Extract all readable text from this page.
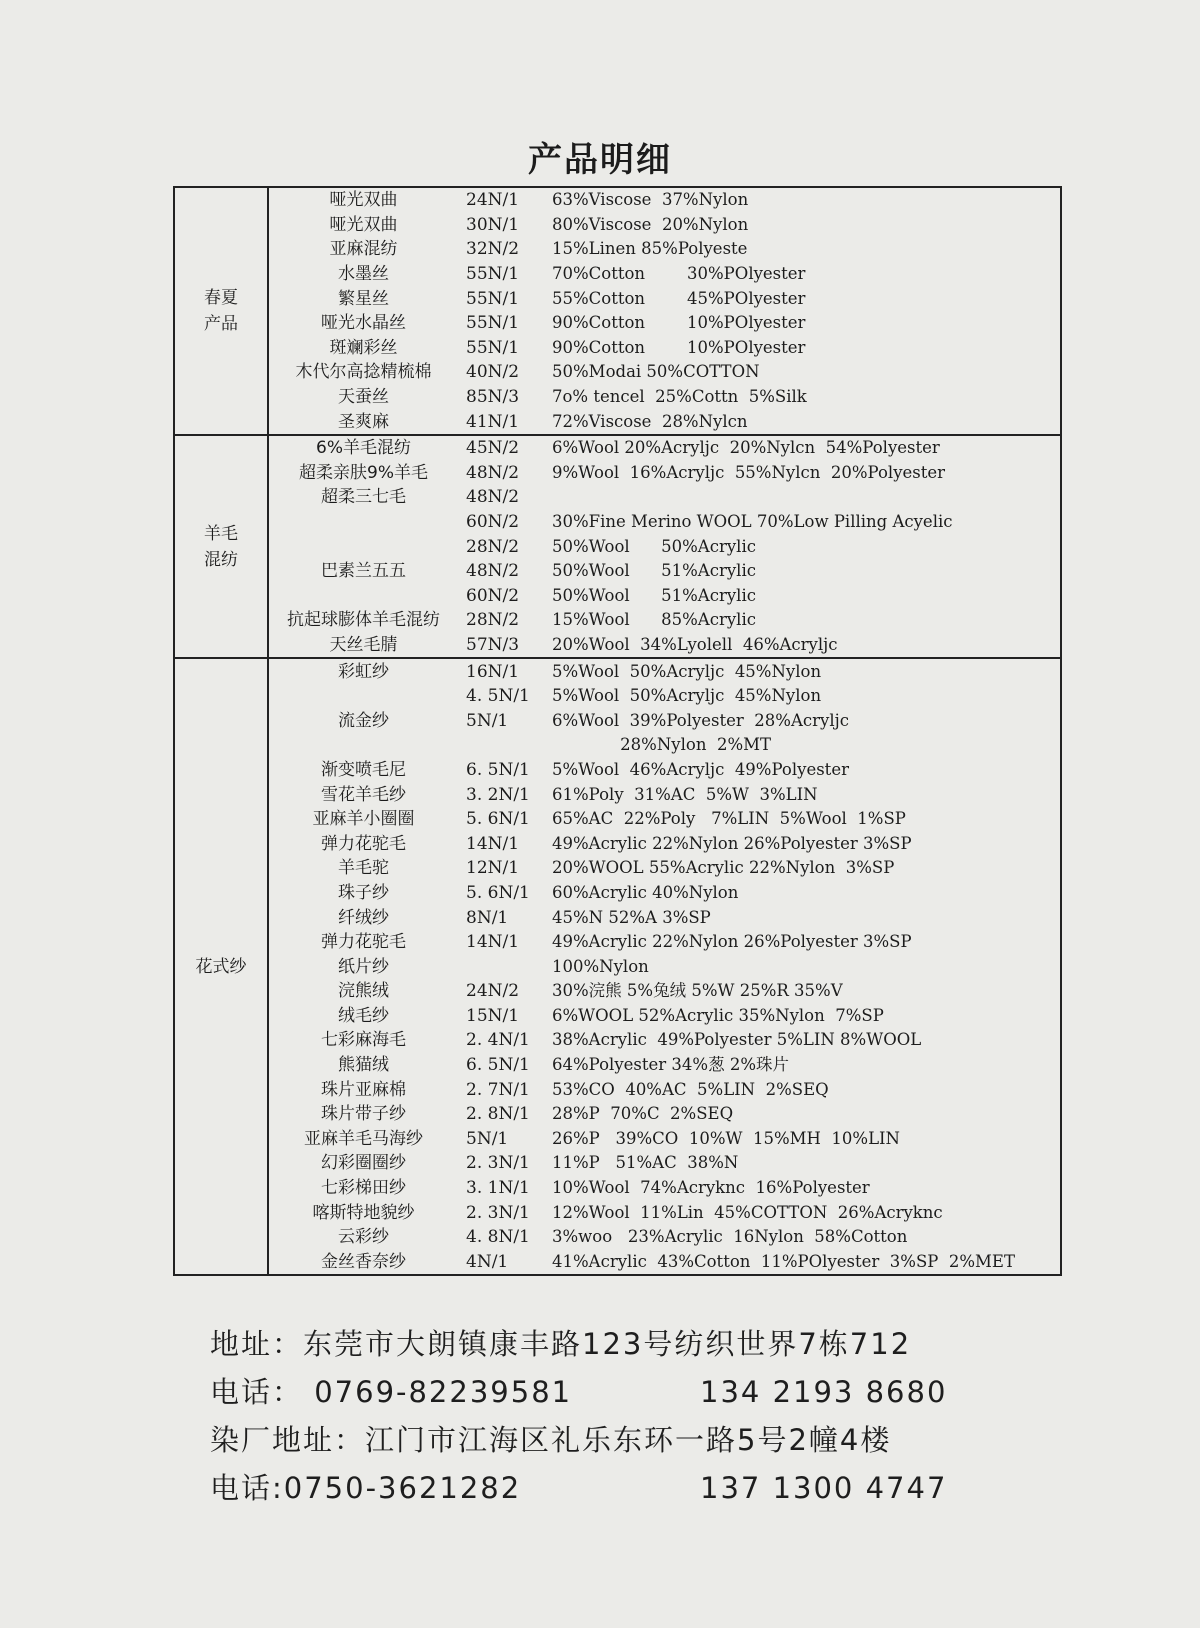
产品明细
春夏
产品	哑光双曲	24N/1	63%Viscose  37%Nylon
	哑光双曲	30N/1	80%Viscose  20%Nylon
	亚麻混纺	32N/2	15%Linen 85%Polyeste
	水墨丝	55N/1	70%Cotton        30%POlyester
	繁星丝	55N/1	55%Cotton        45%POlyester
	哑光水晶丝	55N/1	90%Cotton        10%POlyester
	斑斓彩丝	55N/1	90%Cotton        10%POlyester
	木代尔高捻精梳棉	40N/2	50%Modai 50%COTTON
	天蚕丝	85N/3	7o% tencel  25%Cottn  5%Silk
	圣爽麻	41N/1	72%Viscose  28%Nylcn
羊毛
混纺	6%羊毛混纺	45N/2	6%Wool 20%Acryljc  20%Nylcn  54%Polyester
	超柔亲肤9%羊毛	48N/2	9%Wool  16%Acryljc  55%Nylcn  20%Polyester
	超柔三七毛	48N/2	
		60N/2	30%Fine Merino WOOL 70%Low Pilling Acyelic
		28N/2	50%Wool      50%Acrylic
	巴素兰五五	48N/2	50%Wool      51%Acrylic
		60N/2	50%Wool      51%Acrylic
	抗起球膨体羊毛混纺	28N/2	15%Wool      85%Acrylic
	天丝毛腈	57N/3	20%Wool  34%Lyolell  46%Acryljc
花式纱	彩虹纱	16N/1	5%Wool  50%Acryljc  45%Nylon
		4. 5N/1	5%Wool  50%Acryljc  45%Nylon
	流金纱	5N/1	6%Wool  39%Polyester  28%Acryljc
			28%Nylon  2%MT
	渐变喷毛尼	6. 5N/1	5%Wool  46%Acryljc  49%Polyester
	雪花羊毛纱	3. 2N/1	61%Poly  31%AC  5%W  3%LIN
	亚麻羊小圈圈	5. 6N/1	65%AC  22%Poly   7%LIN  5%Wool  1%SP
	弹力花驼毛	14N/1	49%Acrylic 22%Nylon 26%Polyester 3%SP
	羊毛驼	12N/1	20%WOOL 55%Acrylic 22%Nylon  3%SP
	珠子纱	5. 6N/1	60%Acrylic 40%Nylon
	纤绒纱	8N/1	45%N 52%A 3%SP
	弹力花驼毛	14N/1	49%Acrylic 22%Nylon 26%Polyester 3%SP
	纸片纱		100%Nylon
	浣熊绒	24N/2	30%浣熊 5%兔绒 5%W 25%R 35%V
	绒毛纱	15N/1	6%WOOL 52%Acrylic 35%Nylon  7%SP
	七彩麻海毛	2. 4N/1	38%Acrylic  49%Polyester 5%LIN 8%WOOL
	熊猫绒	6. 5N/1	64%Polyester 34%葱 2%珠片
	珠片亚麻棉	2. 7N/1	53%CO  40%AC  5%LIN  2%SEQ
	珠片带子纱	2. 8N/1	28%P  70%C  2%SEQ
	亚麻羊毛马海纱	5N/1	26%P   39%CO  10%W  15%MH  10%LIN
	幻彩圈圈纱	2. 3N/1	11%P   51%AC  38%N
	七彩梯田纱	3. 1N/1	10%Wool  74%Acryknc  16%Polyester
	喀斯特地貌纱	2. 3N/1	12%Wool  11%Lin  45%COTTON  26%Acryknc
	云彩纱	4. 8N/1	3%woo   23%Acrylic  16Nylon  58%Cotton
	金丝香奈纱	4N/1	41%Acrylic  43%Cotton  11%POlyester  3%SP  2%MET
地址：东莞市大朗镇康丰路123号纺织世界7栋712
电话： 0769-82239581	134 2193 8680
染厂地址：江门市江海区礼乐东环一路5号2幢4楼
电话:0750-3621282	137 1300 4747
